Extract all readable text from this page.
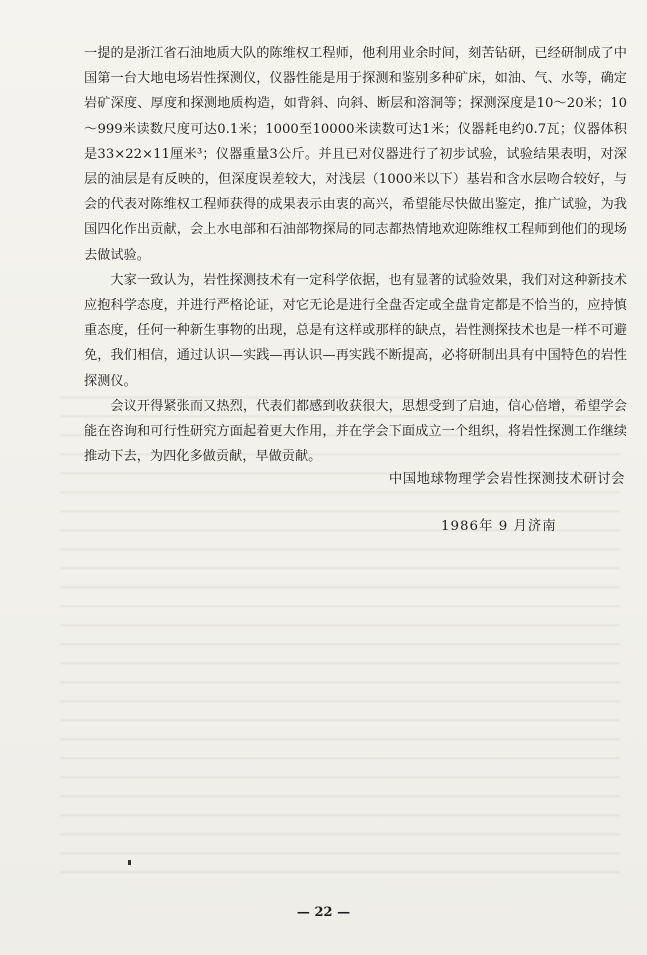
一提的是浙江省石油地质大队的陈维权工程师，他利用业余时间，刻苦钻研，已经研制成了中国第一台大地电场岩性探测仪，仪器性能是用于探测和鉴别多种矿床，如油、气、水等，确定岩矿深度、厚度和探测地质构造，如背斜、向斜、断层和溶洞等；探测深度是10～20米；10～999米读数尺度可达0.1米；1000至10000米读数可达1米；仪器耗电约0.7瓦；仪器体积是33×22×11厘米³；仪器重量3公斤。并且已对仪器进行了初步试验，试验结果表明，对深层的油层是有反映的，但深度误差较大，对浅层（1000米以下）基岩和含水层吻合较好，与会的代表对陈维权工程师获得的成果表示由衷的高兴，希望能尽快做出鉴定，推广试验，为我国四化作出贡献，会上水电部和石油部物探局的同志都热情地欢迎陈维权工程师到他们的现场去做试验。

大家一致认为，岩性探测技术有一定科学依据，也有显著的试验效果，我们对这种新技术应抱科学态度，并进行严格论证，对它无论是进行全盘否定或全盘肯定都是不恰当的，应持慎重态度，任何一种新生事物的出现，总是有这样或那样的缺点，岩性测探技术也是一样不可避免，我们相信，通过认识—实践—再认识—再实践不断提高，必将研制出具有中国特色的岩性探测仪。

会议开得紧张而又热烈，代表们都感到收获很大，思想受到了启迪，信心倍增，希望学会能在咨询和可行性研究方面起着更大作用，并在学会下面成立一个组织，将岩性探测工作继续推动下去，为四化多做贡献，早做贡献。

中国地球物理学会岩性探测技术研讨会
1986年 9 月济南
— 22 —
